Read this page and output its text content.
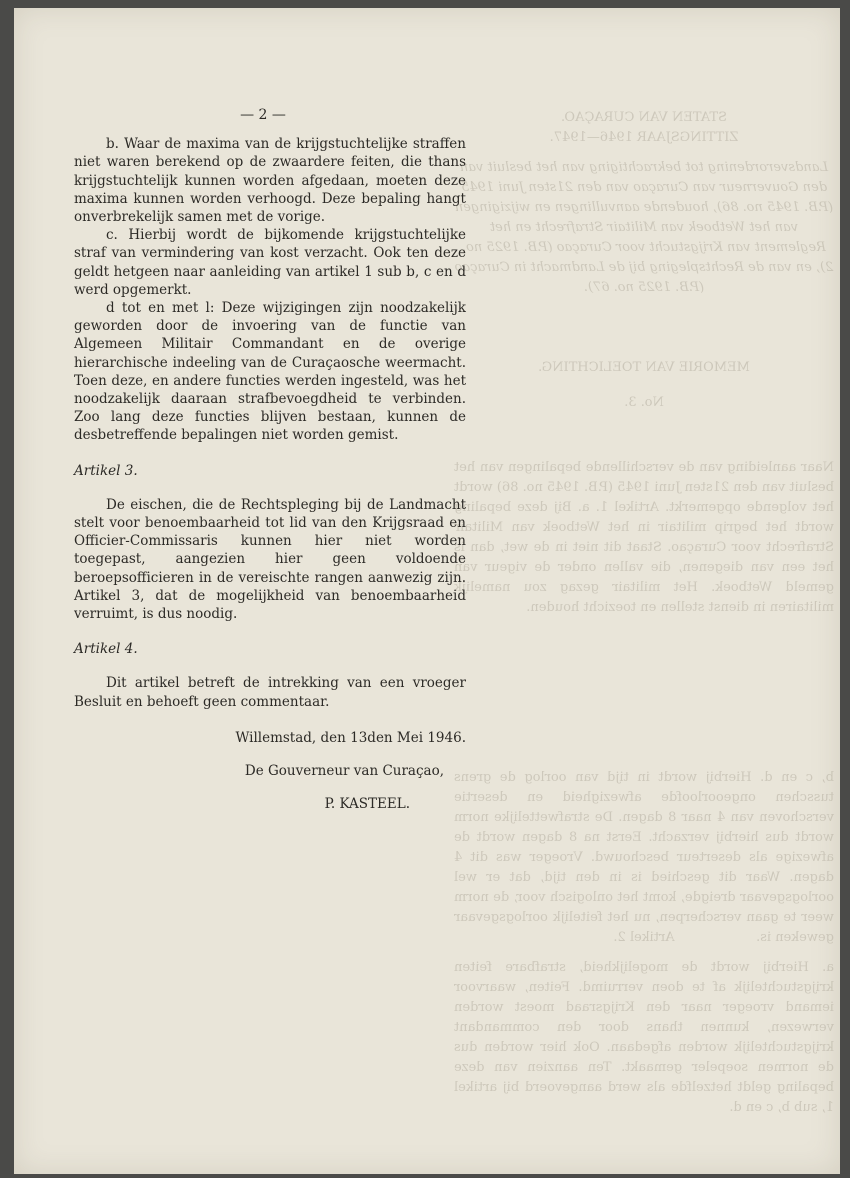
STATEN VAN CURAÇAO.
ZITTINGSJAAR 1946—1947.
Landsverordening tot bekrachtiging van het besluit van den Gouverneur van Curaçao van den 21sten Juni 1945 (P.B. 1945 no. 86), houdende aanvullingen en wijzigingen van het Wetboek van Militair Strafrecht en het Reglement van Krijgstucht voor Curaçao (P.B. 1925 no. 2), en van de Rechtspleging bij de Landmacht in Curaçao (P.B. 1925 no. 67).
MEMORIE VAN TOELICHTING.
No. 3.
Naar aanleiding van de verschillende bepalingen van het besluit van den 21sten Juni 1945 (P.B. 1945 no. 86) wordt het volgende opgemerkt. Artikel 1. a. Bij deze bepaling wordt het begrip militair in het Wetboek van Militair Strafrecht voor Curaçao. Staat dit niet in de wet, dan is het een van diegenen, die vallen onder de vigeur van gemeld Wetboek. Het militair gezag zou namelijk militairen in dienst stellen en toezicht houden.
b, c en d. Hierbij wordt in tijd van oorlog de grens tusschen ongeoorloofde afwezigheid en desertie verschoven van 4 naar 8 dagen. De strafwettelijke norm wordt dus hierbij verzacht. Eerst na 8 dagen wordt de afwezige als deserteur beschouwd. Vroeger was dit 4 dagen. Waar dit geschied is in den tijd, dat er wel oorlogsgevaar dreigde, komt het onlogisch voor, de norm weer te gaan verscherpen, nu het feitelijk oorlogsgevaar geweken is.
Artikel 2.
a. Hierbij wordt de mogelijkheid, strafbare feiten krijgstuchtelijk af te doen verruimd. Feiten, waarvoor iemand vroeger naar den Krijgsraad moest worden verwezen, kunnen thans door den commandant krijgstuchtelijk worden afgedaan. Ook hier worden dus de normen soepeler gemaakt. Ten aanzien van deze bepaling geldt hetzelfde als werd aangevoerd bij artikel 1, sub b, c en d.
— 2 —

b. Waar de maxima van de krijgstuchtelijke straffen niet waren berekend op de zwaardere feiten, die thans krijgstuchtelijk kunnen worden afgedaan, moeten deze maxima kunnen worden verhoogd. Deze bepaling hangt onverbrekelijk samen met de vorige.

c. Hierbij wordt de bijkomende krijgstuchtelijke straf van vermindering van kost verzacht. Ook ten deze geldt hetgeen naar aanleiding van artikel 1 sub b, c en d werd opgemerkt.

d tot en met l: Deze wijzigingen zijn noodzakelijk geworden door de invoering van de functie van Algemeen Militair Commandant en de overige hierarchische indeeling van de Curaçaosche weermacht. Toen deze, en andere functies werden ingesteld, was het noodzakelijk daaraan strafbevoegdheid te verbinden. Zoo lang deze functies blijven bestaan, kunnen de desbetreffende bepalingen niet worden gemist.

Artikel 3.

De eischen, die de Rechtspleging bij de Landmacht stelt voor benoembaarheid tot lid van den Krijgsraad en Officier-Commissaris kunnen hier niet worden toegepast, aangezien hier geen voldoende beroepsofficieren in de vereischte rangen aanwezig zijn. Artikel 3, dat de mogelijkheid van benoembaarheid verruimt, is dus noodig.

Artikel 4.

Dit artikel betreft de intrekking van een vroeger Besluit en behoeft geen commentaar.

Willemstad, den 13den Mei 1946.

De Gouverneur van Curaçao,

P. KASTEEL.
